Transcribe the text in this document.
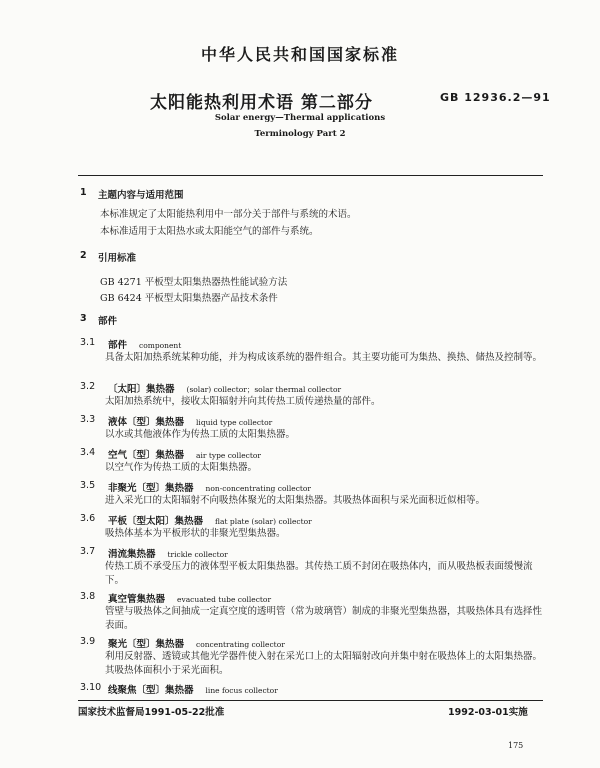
中华人民共和国国家标准
太阳能热利用术语 第二部分	GB 12936.2—91
Solar energy—Thermal applications
Terminology Part 2
1 主题内容与适用范围
本标准规定了太阳能热利用中一部分关于部件与系统的术语。
本标准适用于太阳热水或太阳能空气的部件与系统。
2 引用标准
GB 4271 平板型太阳集热器热性能试验方法
GB 6424 平板型太阳集热器产品技术条件
3 部件
3.1 部件 component
具备太阳加热系统某种功能，并为构成该系统的器件组合。其主要功能可为集热、换热、储热及控制等。
3.2 〔太阳〕集热器 (solar) collector；solar thermal collector
太阳加热系统中，接收太阳辐射并向其传热工质传递热量的部件。
3.3 液体〔型〕集热器 liquid type collector
以水或其他液体作为传热工质的太阳集热器。
3.4 空气〔型〕集热器 air type collector
以空气作为传热工质的太阳集热器。
3.5 非聚光〔型〕集热器 non-concentrating collector
进入采光口的太阳辐射不向吸热体聚光的太阳集热器。其吸热体面积与采光面积近似相等。
3.6 平板〔型太阳〕集热器 flat plate (solar) collector
吸热体基本为平板形状的非聚光型集热器。
3.7 涓流集热器 trickle collector
传热工质不承受压力的液体型平板太阳集热器。其传热工质不封闭在吸热体内，而从吸热板表面缓慢流下。
3.8 真空管集热器 evacuated tube collector
管壁与吸热体之间抽成一定真空度的透明管（常为玻璃管）制成的非聚光型集热器，其吸热体具有选择性表面。
3.9 聚光〔型〕集热器 concentrating collector
利用反射器、透镜或其他光学器件使入射在采光口上的太阳辐射改向并集中射在吸热体上的太阳集热器。其吸热体面积小于采光面积。
3.10 线聚焦〔型〕集热器 line focus collector
国家技术监督局1991-05-22批准	1992-03-01实施
175
